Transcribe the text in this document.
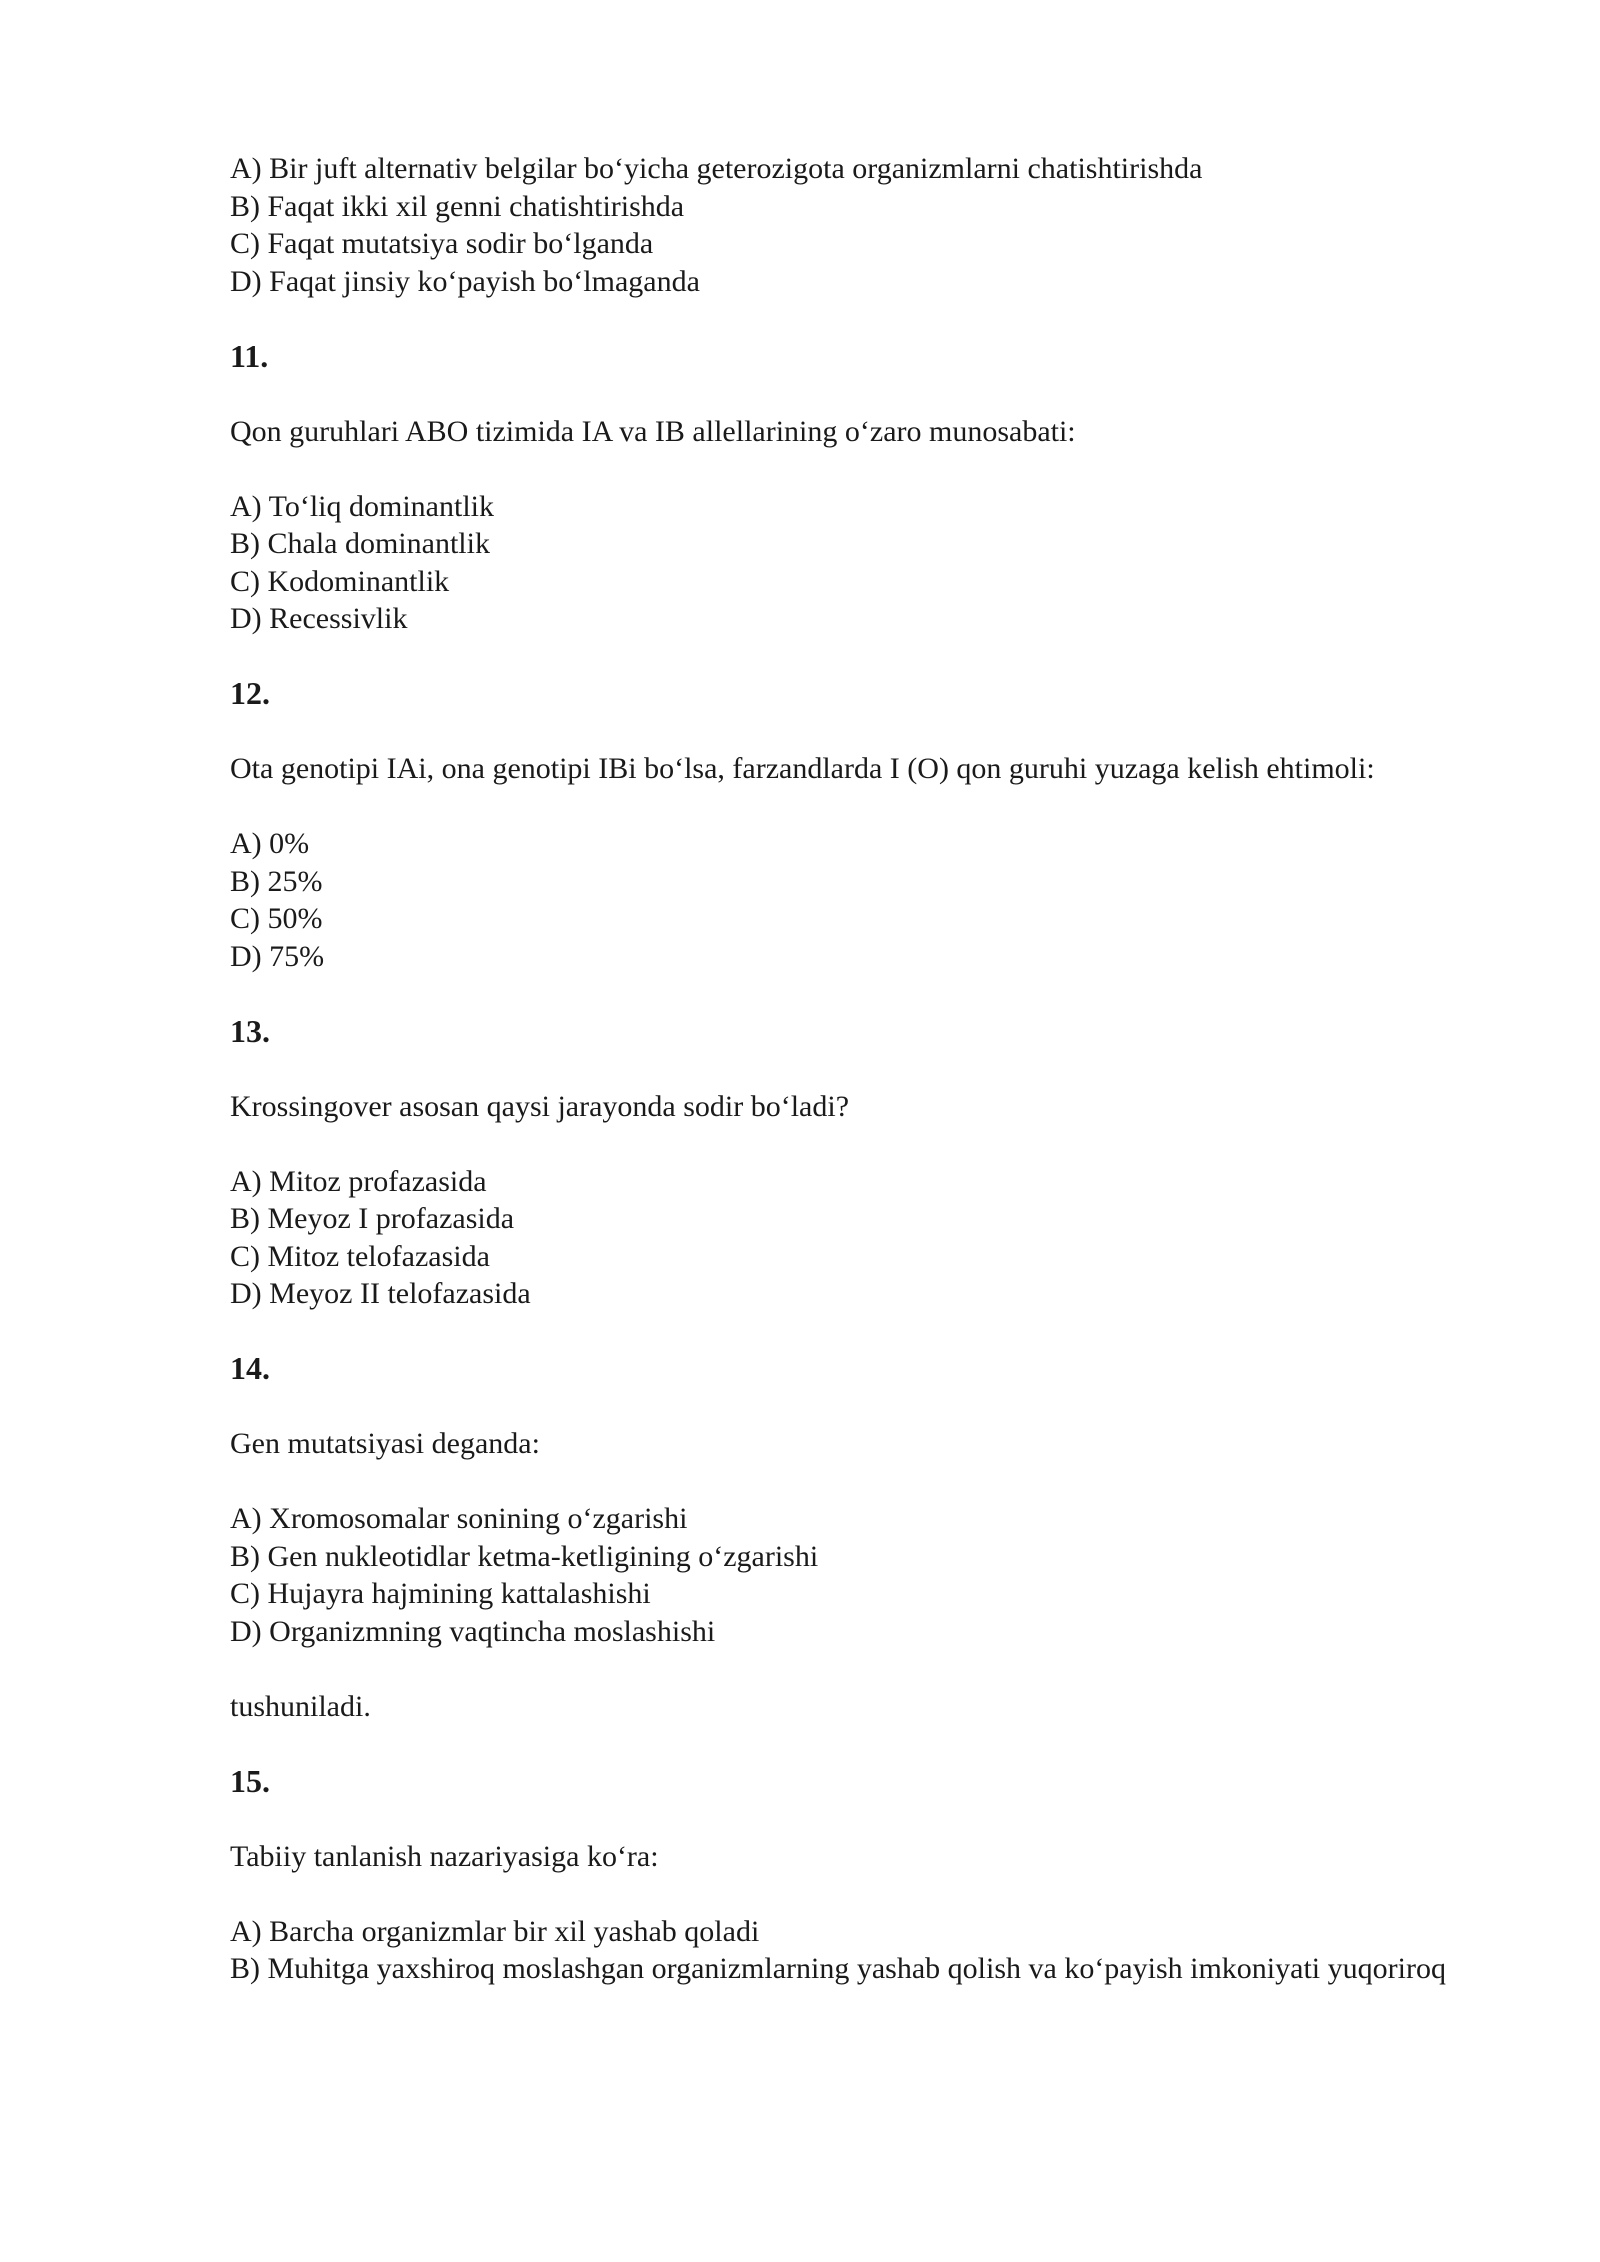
A) Bir juft alternativ belgilar bo‘yicha geterozigota organizmlarni chatishtirishda

B) Faqat ikki xil genni chatishtirishda

C) Faqat mutatsiya sodir bo‘lganda

D) Faqat jinsiy ko‘payish bo‘lmaganda

11.

Qon guruhlari ABO tizimida IA va IB allellarining o‘zaro munosabati:

A) To‘liq dominantlik

B) Chala dominantlik

C) Kodominantlik

D) Recessivlik

12.

Ota genotipi IAi, ona genotipi IBi bo‘lsa, farzandlarda I (O) qon guruhi yuzaga kelish ehtimoli:

A) 0%

B) 25%

C) 50%

D) 75%

13.

Krossingover asosan qaysi jarayonda sodir bo‘ladi?

A) Mitoz profazasida

B) Meyoz I profazasida

C) Mitoz telofazasida

D) Meyoz II telofazasida

14.

Gen mutatsiyasi deganda:

A) Xromosomalar sonining o‘zgarishi

B) Gen nukleotidlar ketma-ketligining o‘zgarishi

C) Hujayra hajmining kattalashishi

D) Organizmning vaqtincha moslashishi

tushuniladi.

15.

Tabiiy tanlanish nazariyasiga ko‘ra:

A) Barcha organizmlar bir xil yashab qoladi

B) Muhitga yaxshiroq moslashgan organizmlarning yashab qolish va ko‘payish imkoniyati yuqoriroq
